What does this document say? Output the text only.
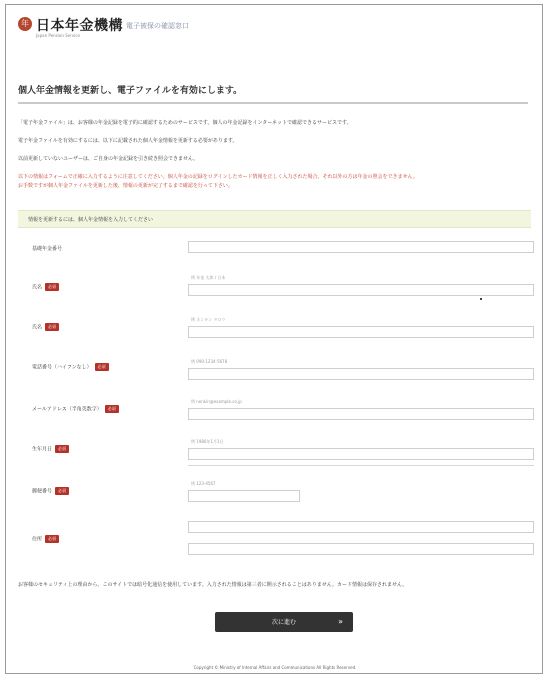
年 日本年金機構
Japan Pension Service
電子被保の確認窓口
個人年金情報を更新し、電子ファイルを有効にします。

「電子年金ファイル」は、お客様の年金記録を電子的に確認するためのサービスです。個人の年金記録をインターネットで確認できるサービスです。

電子年金ファイルを有効にするには、以下に記載された個人年金情報を更新する必要があります。

以前更新していないユーザーは、ご自身の年金記録を引き続き照会できません。

以下の情報はフォームで正確に入力するように注意してください。個人年金の記録をログインしたカード情報を正しく入力された場合、それ以外の方は年金の照会をできません。

お手数ですが個人年金ファイルを更新した後、情報の更新が完了するまで確認を行って下さい。

情報を更新するには、個人年金情報を入力してください
基礎年金番号
氏名 必須
例 年金 太郎 / 日本
氏名 必須
例 ネンキン タロウ
電話番号（ハイフンなし） 必須
例 090-1234-5678
メールアドレス（半角英数字） 必須
例 nenkin@example.co.jp
生年月日 必須
例 1980年1月1日
郵便番号 必須
例 123-4567
住所 必須
お客様のセキュリティ上の理由から、このサイトでは暗号化通信を使用しています。入力された情報は第三者に開示されることはありません。カード情報は保存されません。
次に進む	»
Copyright © Ministry of Internal Affairs and Communications All Rights Reserved.
